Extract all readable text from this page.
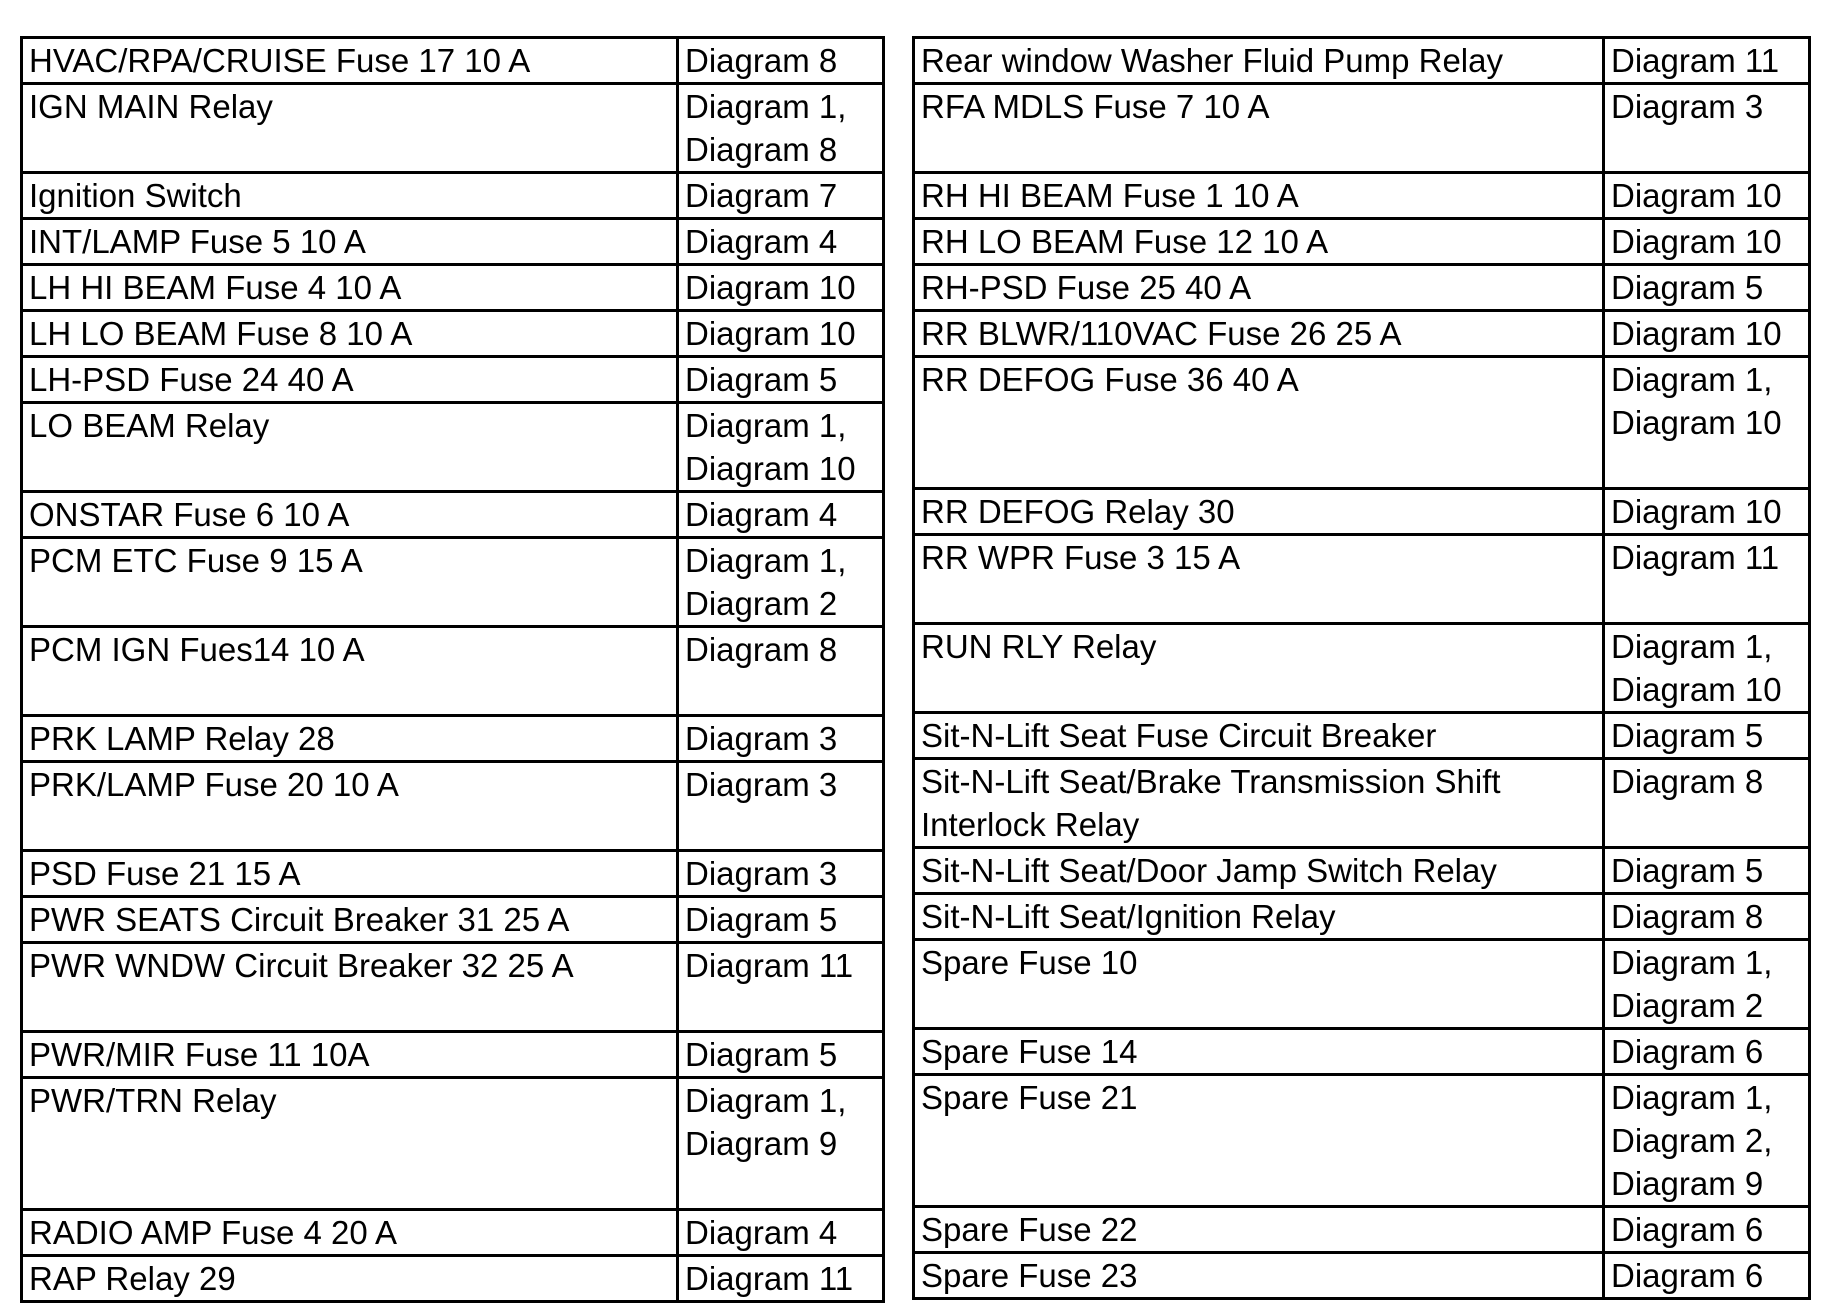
HVAC/RPA/CRUISE Fuse 17 10 A	Diagram 8

IGN MAIN Relay	Diagram 1,
Diagram 8

Ignition Switch	Diagram 7

INT/LAMP Fuse 5 10 A	Diagram 4

LH HI BEAM Fuse 4 10 A	Diagram 10

LH LO BEAM Fuse 8 10 A	Diagram 10

LH-PSD Fuse 24 40 A	Diagram 5

LO BEAM Relay	Diagram 1,
Diagram 10

ONSTAR Fuse 6 10 A	Diagram 4

PCM ETC Fuse 9 15 A	Diagram 1,
Diagram 2

PCM IGN Fues14 10 A	Diagram 8

PRK LAMP Relay 28	Diagram 3

PRK/LAMP Fuse 20 10 A	Diagram 3

PSD Fuse 21 15 A	Diagram 3

PWR SEATS Circuit Breaker 31 25 A	Diagram 5

PWR WNDW Circuit Breaker 32 25 A	Diagram 11

PWR/MIR Fuse 11 10A	Diagram 5

PWR/TRN Relay	Diagram 1,
Diagram 9

RADIO AMP Fuse 4 20 A	Diagram 4

RAP Relay 29	Diagram 11
Rear window Washer Fluid Pump Relay	Diagram 11

RFA MDLS Fuse 7 10 A	Diagram 3

RH HI BEAM Fuse 1 10 A	Diagram 10

RH LO BEAM Fuse 12 10 A	Diagram 10

RH-PSD Fuse 25 40 A	Diagram 5

RR BLWR/110VAC Fuse 26 25 A	Diagram 10

RR DEFOG Fuse 36 40 A	Diagram 1,
Diagram 10

RR DEFOG Relay 30	Diagram 10

RR WPR Fuse 3 15 A	Diagram 11

RUN RLY Relay	Diagram 1,
Diagram 10

Sit-N-Lift Seat Fuse Circuit Breaker	Diagram 5

Sit-N-Lift Seat/Brake Transmission Shift
Interlock Relay	Diagram 8

Sit-N-Lift Seat/Door Jamp Switch Relay	Diagram 5

Sit-N-Lift Seat/Ignition Relay	Diagram 8

Spare Fuse 10	Diagram 1,
Diagram 2

Spare Fuse 14	Diagram 6

Spare Fuse 21	Diagram 1,
Diagram 2,
Diagram 9

Spare Fuse 22	Diagram 6

Spare Fuse 23	Diagram 6
